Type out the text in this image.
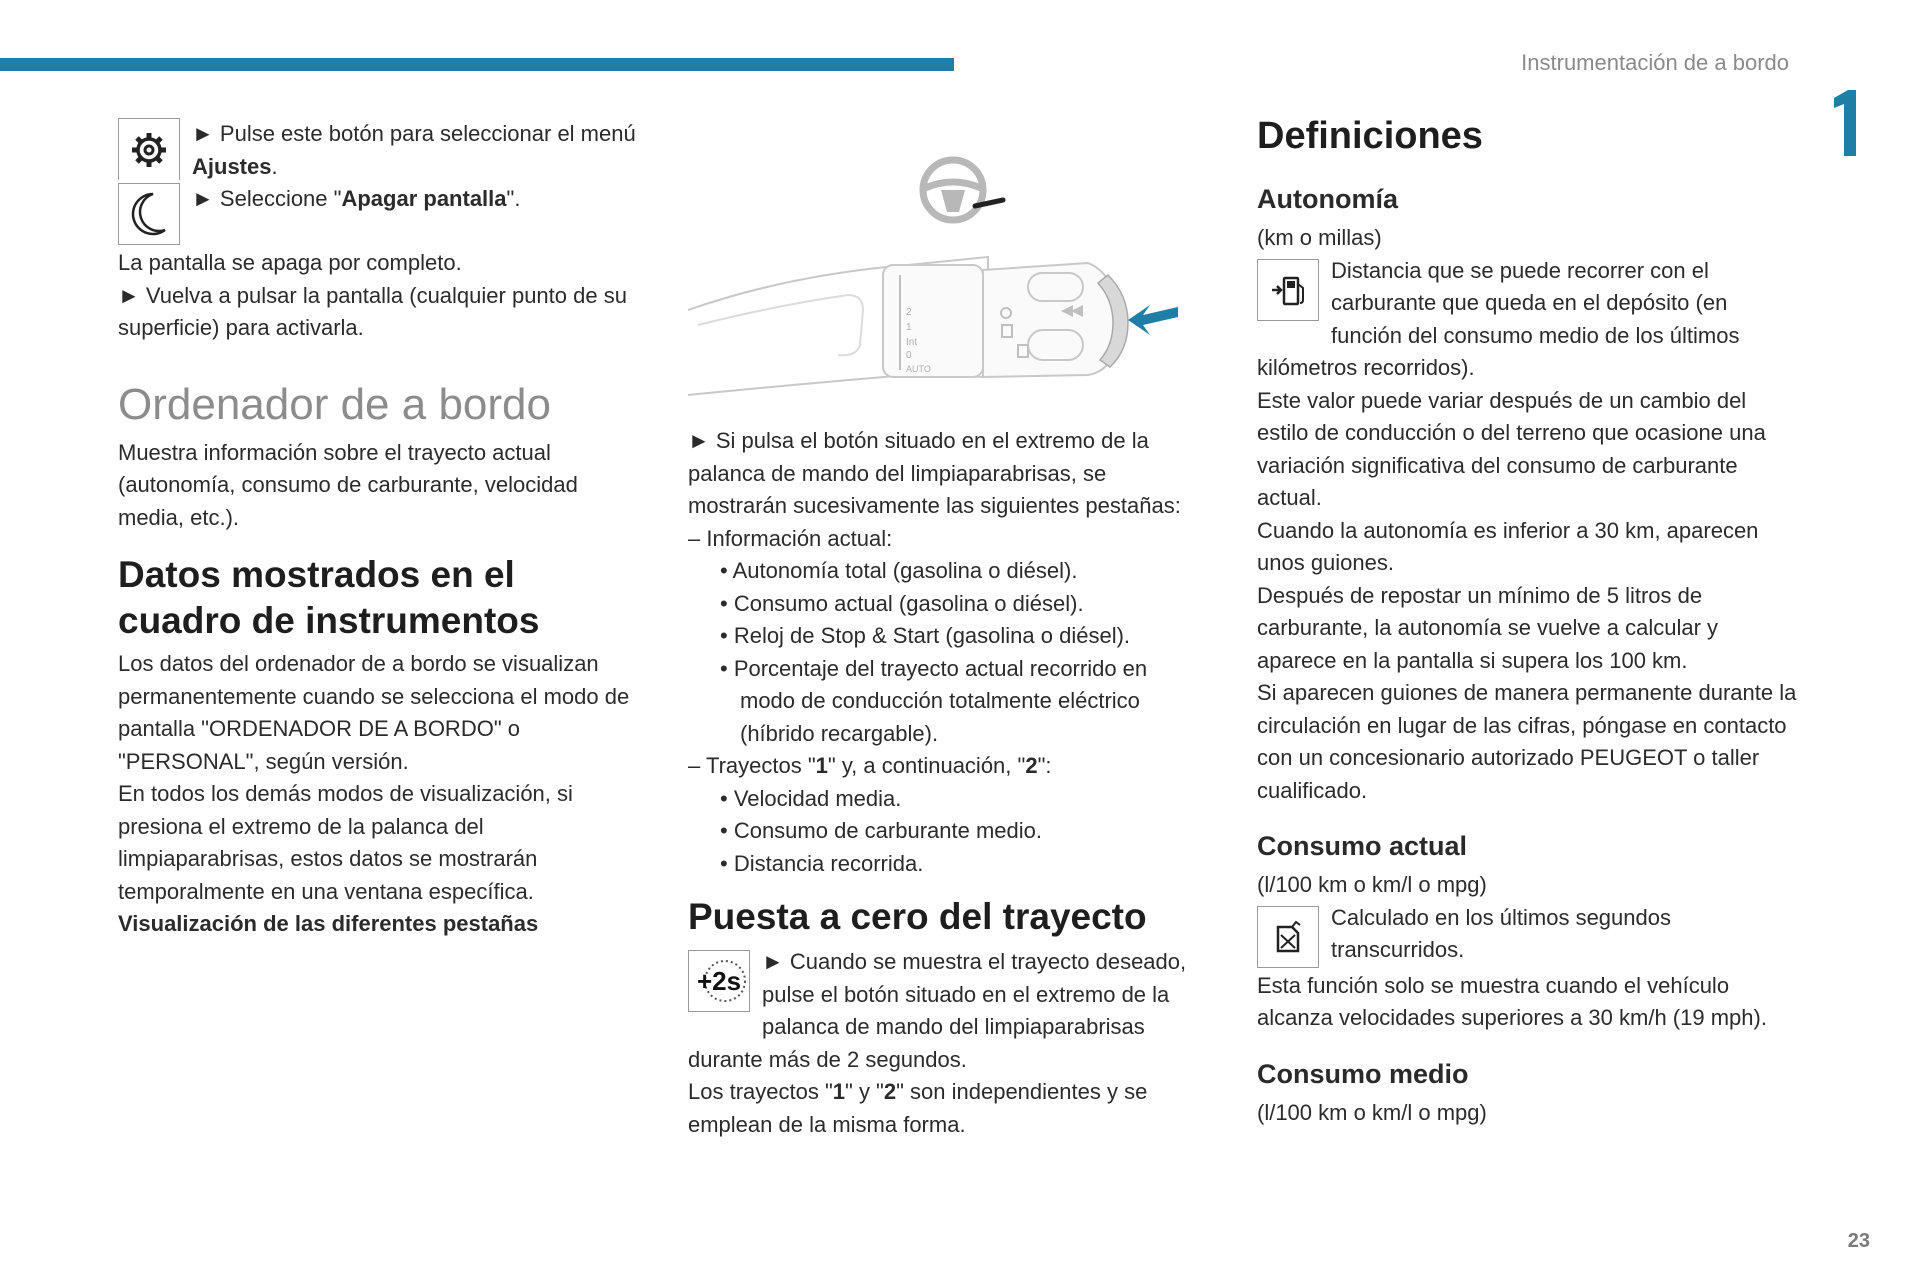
Instrumentación de a bordo
23

► Pulse este botón para seleccionar el menú Ajustes.

► Seleccione "Apagar pantalla".

La pantalla se apaga por completo.

► Vuelva a pulsar la pantalla (cualquier punto de su superficie) para activarla.

Ordenador de a bordo

Muestra información sobre el trayecto actual (autonomía, consumo de carburante, velocidad media, etc.).

Datos mostrados en el cuadro de instrumentos

Los datos del ordenador de a bordo se visualizan permanentemente cuando se selecciona el modo de pantalla "ORDENADOR DE A BORDO" o "PERSONAL", según versión.

En todos los demás modos de visualización, si presiona el extremo de la palanca del limpiaparabrisas, estos datos se mostrarán temporalmente en una ventana específica.

Visualización de las diferentes pestañas

2
1
Int
0
AUTO

► Si pulsa el botón situado en el extremo de la palanca de mando del limpiaparabrisas, se mostrarán sucesivamente las siguientes pestañas:

– Información actual:

• Autonomía total (gasolina o diésel).

• Consumo actual (gasolina o diésel).

• Reloj de Stop & Start (gasolina o diésel).

• Porcentaje del trayecto actual recorrido en modo de conducción totalmente eléctrico (híbrido recargable).

– Trayectos "1" y, a continuación, "2":

• Velocidad media.

• Consumo de carburante medio.

• Distancia recorrida.

Puesta a cero del trayecto
+2s

► Cuando se muestra el trayecto deseado, pulse el botón situado en el extremo de la palanca de mando del limpiaparabrisas durante más de 2 segundos.

Los trayectos "1" y "2" son independientes y se emplean de la misma forma.

Definiciones
Autonomía

(km o millas)

Distancia que se puede recorrer con el carburante que queda en el depósito (en función del consumo medio de los últimos kilómetros recorridos).

Este valor puede variar después de un cambio del estilo de conducción o del terreno que ocasione una variación significativa del consumo de carburante actual.

Cuando la autonomía es inferior a 30 km, aparecen unos guiones.

Después de repostar un mínimo de 5 litros de carburante, la autonomía se vuelve a calcular y aparece en la pantalla si supera los 100 km.

Si aparecen guiones de manera permanente durante la circulación en lugar de las cifras, póngase en contacto con un concesionario autorizado PEUGEOT o taller cualificado.

Consumo actual

(l/100 km o km/l o mpg)

Calculado en los últimos segundos transcurridos.

Esta función solo se muestra cuando el vehículo alcanza velocidades superiores a 30 km/h (19 mph).

Consumo medio

(l/100 km o km/l o mpg)
